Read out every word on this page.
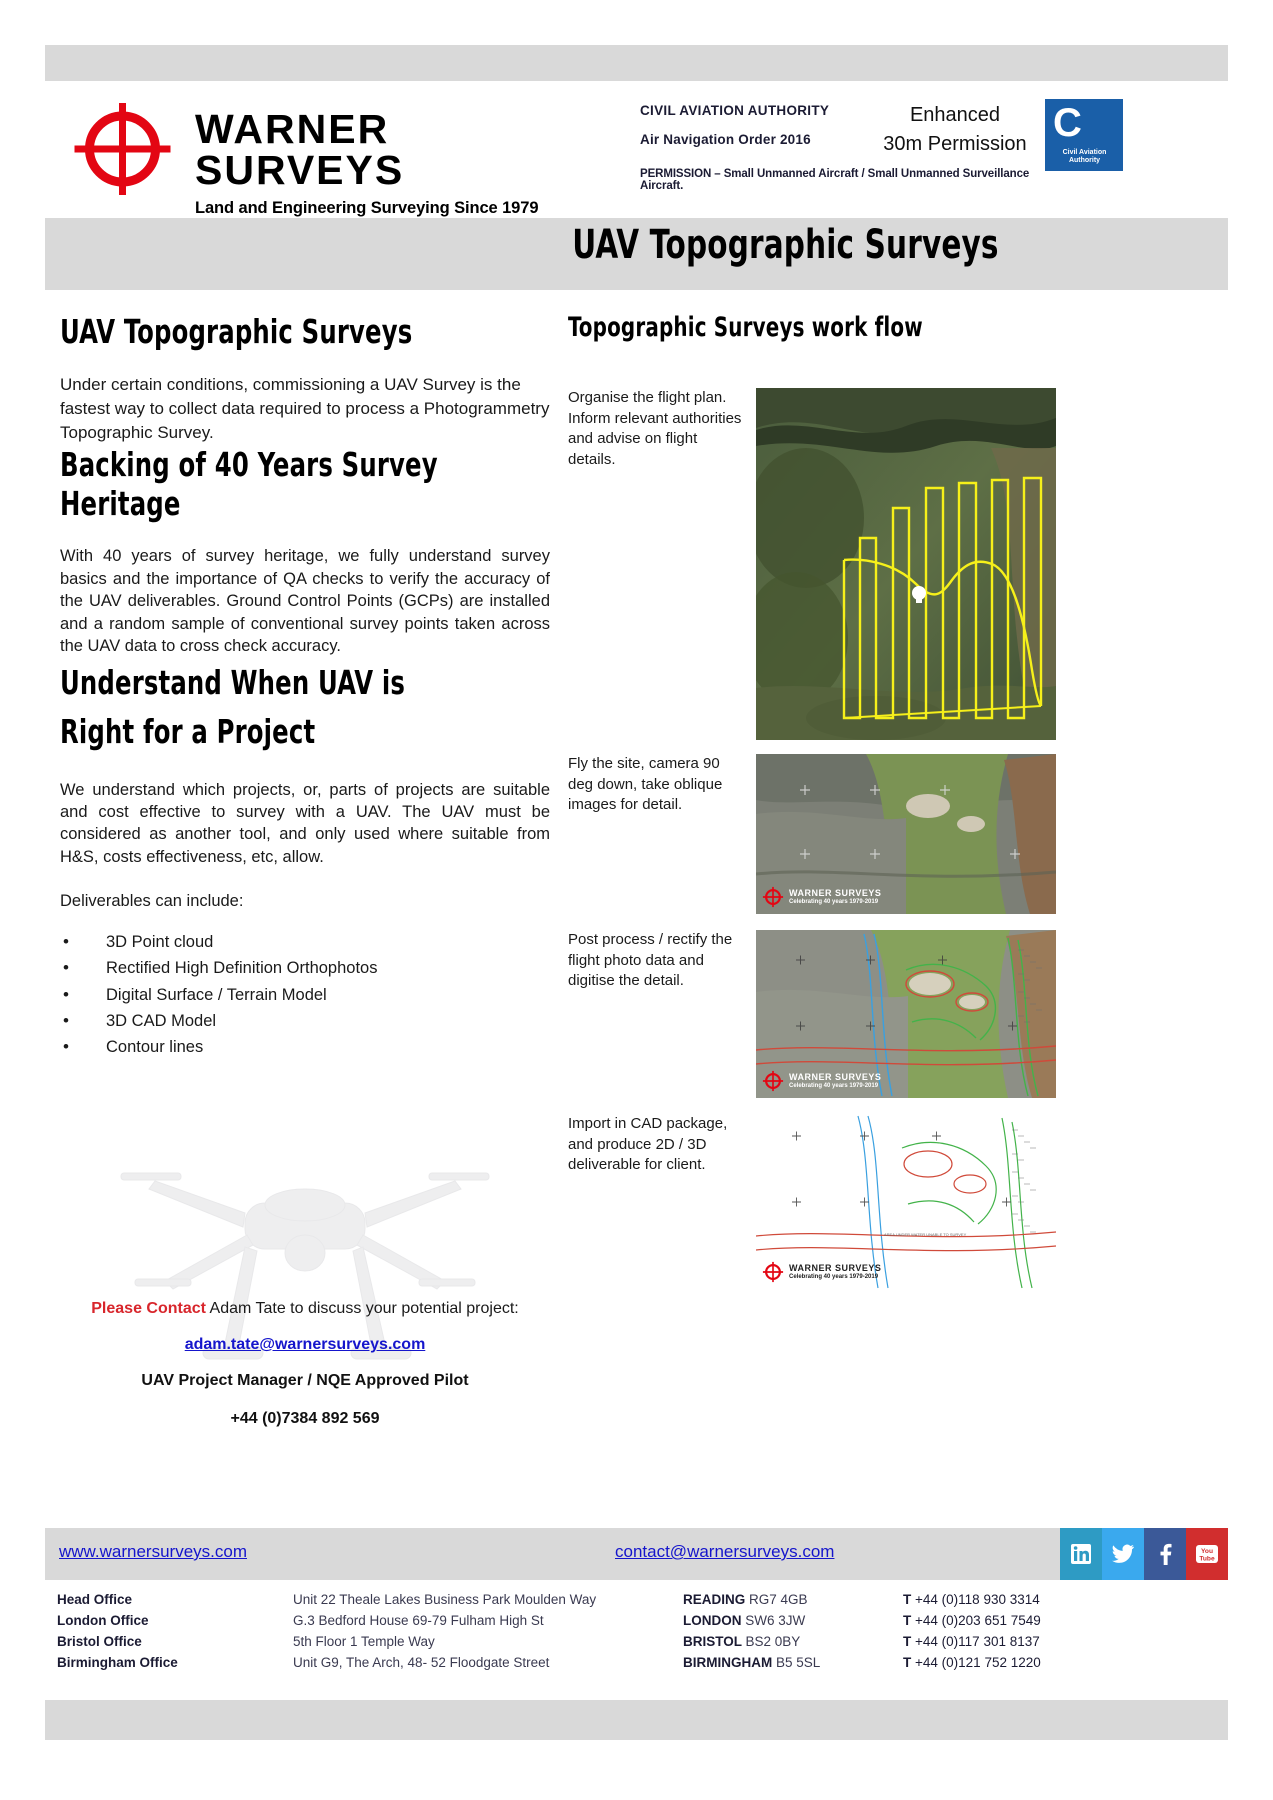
WARNER SURVEYS
Land and Engineering Surveying Since 1979
CIVIL AVIATION AUTHORITY
Air Navigation Order 2016
PERMISSION – Small Unmanned Aircraft / Small Unmanned Surveillance Aircraft.
Enhanced
30m Permission C
Civil Aviation Authority
UAV Topographic Surveys
UAV Topographic Surveys

Under certain conditions, commissioning a UAV Survey is the fastest way to collect data required to process a Photogrammetry Topographic Survey.

Backing of 40 Years Survey Heritage

With 40 years of survey heritage, we fully understand survey basics and the importance of QA checks to verify the accuracy of the UAV deliverables. Ground Control Points (GCPs) are installed and a random sample of conventional survey points taken across the UAV data to cross check accuracy.

Understand When UAV is Right for a Project

We understand which projects, or, parts of projects are suitable and cost effective to survey with a UAV. The UAV must be considered as another tool, and only used where suitable from H&S, costs effectiveness, etc, allow.

Deliverables can include:

• 3D Point cloud
• Rectified High Definition Orthophotos
• Digital Surface / Terrain Model
• 3D CAD Model
• Contour lines
Please Contact Adam Tate to discuss your potential project:
adam.tate@warnersurveys.com
UAV Project Manager / NQE Approved Pilot
+44 (0)7384 892 569
Topographic Surveys work flow
Organise the flight plan. Inform relevant authorities and advise on flight details.
Fly the site, camera 90 deg down, take oblique images for detail.
WARNER SURVEYS
Celebrating 40 years 1979-2019
Post process / rectify the flight photo data and digitise the detail.
WARNER SURVEYS
Celebrating 40 years 1979-2019
Import in CAD package, and produce 2D / 3D deliverable for client.
AREA UNDER WATER UNABLE TO SURVEY
WARNER SURVEYS
Celebrating 40 years 1979-2019
www.warnersurveys.com	contact@warnersurveys.com	You
Tube
Head Office	Unit 22 Theale Lakes Business Park Moulden Way	READING RG7 4GB	T +44 (0)118 930 3314
London Office	G.3 Bedford House 69-79 Fulham High St	LONDON SW6 3JW	T +44 (0)203 651 7549
Bristol Office	5th Floor 1 Temple Way	BRISTOL BS2 0BY	T +44 (0)117 301 8137
Birmingham Office	Unit G9, The Arch, 48- 52 Floodgate Street	BIRMINGHAM B5 5SL	T +44 (0)121 752 1220
